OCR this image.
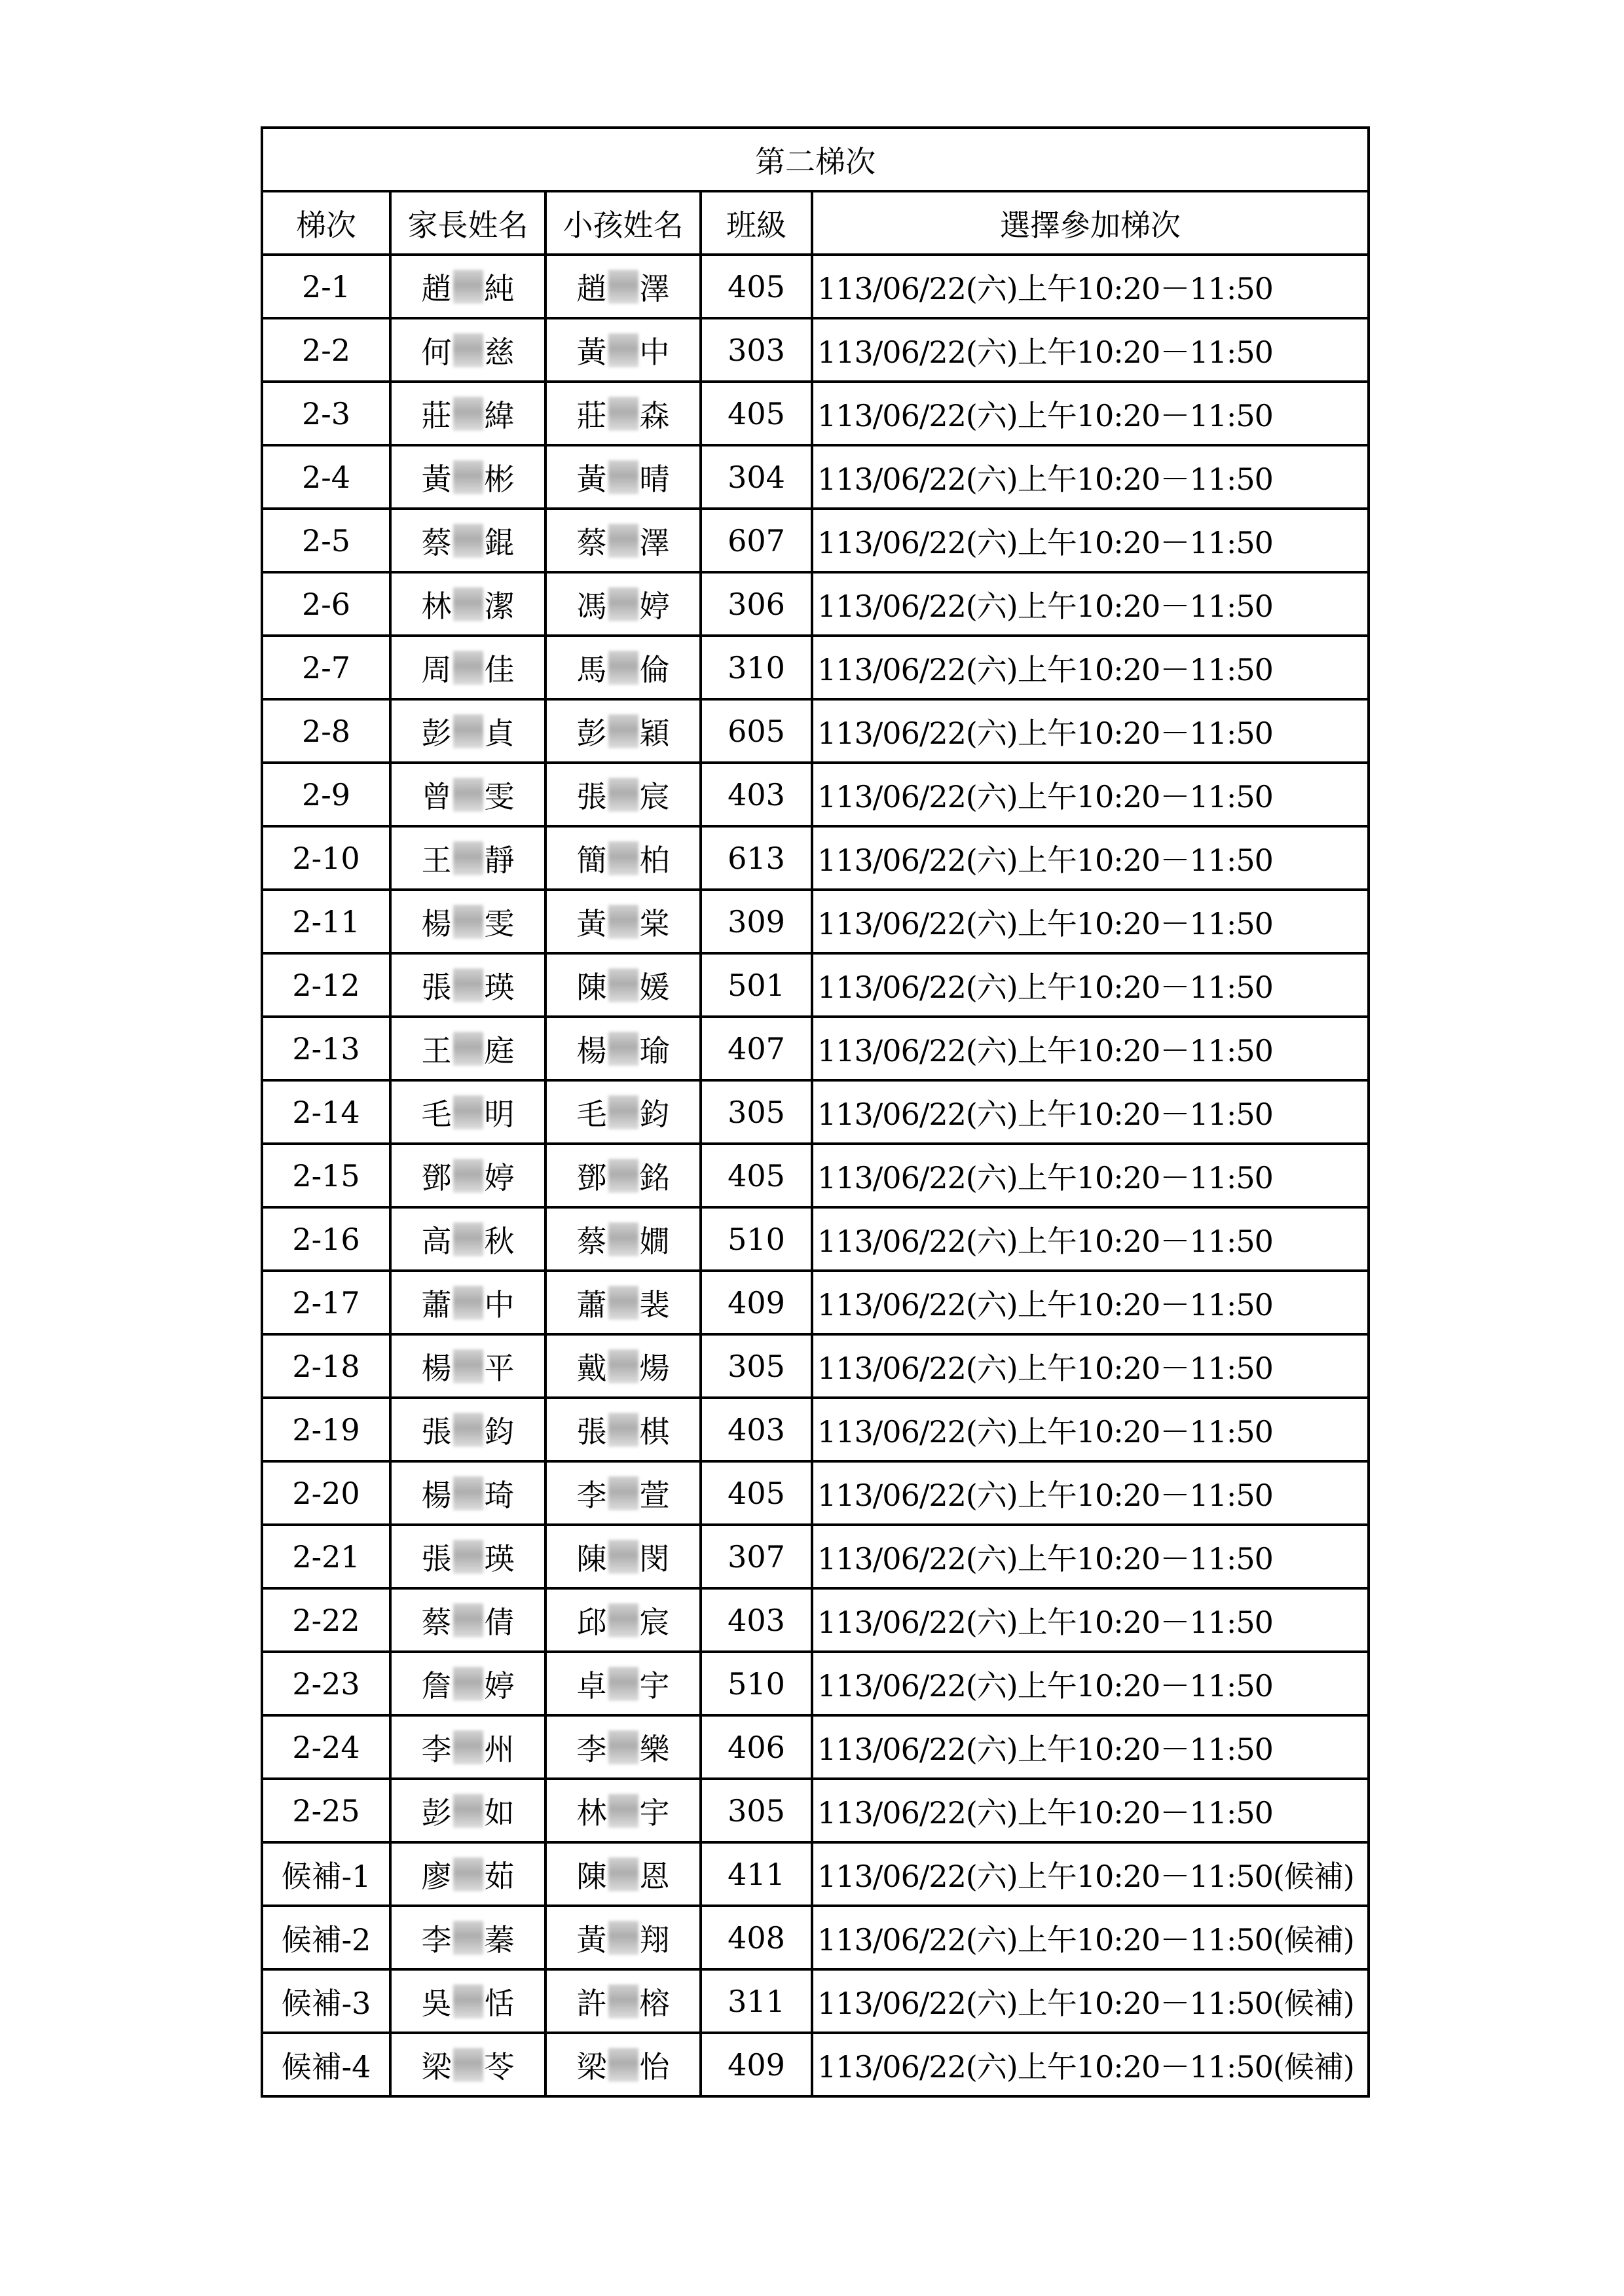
第二梯次				
梯次	家長姓名	小孩姓名	班級	選擇參加梯次
2-1	趙 純	趙 澤	405	113/06/22(六)上午10:20－11:50
2-2	何 慈	黃 中	303	113/06/22(六)上午10:20－11:50
2-3	莊 緯	莊 森	405	113/06/22(六)上午10:20－11:50
2-4	黃 彬	黃 晴	304	113/06/22(六)上午10:20－11:50
2-5	蔡 錕	蔡 澤	607	113/06/22(六)上午10:20－11:50
2-6	林 潔	馮 婷	306	113/06/22(六)上午10:20－11:50
2-7	周 佳	馬 倫	310	113/06/22(六)上午10:20－11:50
2-8	彭 貞	彭 穎	605	113/06/22(六)上午10:20－11:50
2-9	曾 雯	張 宸	403	113/06/22(六)上午10:20－11:50
2-10	王 靜	簡 柏	613	113/06/22(六)上午10:20－11:50
2-11	楊 雯	黃 棠	309	113/06/22(六)上午10:20－11:50
2-12	張 瑛	陳 媛	501	113/06/22(六)上午10:20－11:50
2-13	王 庭	楊 瑜	407	113/06/22(六)上午10:20－11:50
2-14	毛 明	毛 鈞	305	113/06/22(六)上午10:20－11:50
2-15	鄧 婷	鄧 銘	405	113/06/22(六)上午10:20－11:50
2-16	高 秋	蔡 嫺	510	113/06/22(六)上午10:20－11:50
2-17	蕭 中	蕭 裴	409	113/06/22(六)上午10:20－11:50
2-18	楊 平	戴 煬	305	113/06/22(六)上午10:20－11:50
2-19	張 鈞	張 棋	403	113/06/22(六)上午10:20－11:50
2-20	楊 琦	李 萱	405	113/06/22(六)上午10:20－11:50
2-21	張 瑛	陳 閔	307	113/06/22(六)上午10:20－11:50
2-22	蔡 倩	邱 宸	403	113/06/22(六)上午10:20－11:50
2-23	詹 婷	卓 宇	510	113/06/22(六)上午10:20－11:50
2-24	李 州	李 樂	406	113/06/22(六)上午10:20－11:50
2-25	彭 如	林 宇	305	113/06/22(六)上午10:20－11:50
候補-1	廖 茹	陳 恩	411	113/06/22(六)上午10:20－11:50(候補)
候補-2	李 蓁	黃 翔	408	113/06/22(六)上午10:20－11:50(候補)
候補-3	吳 恬	許 榕	311	113/06/22(六)上午10:20－11:50(候補)
候補-4	梁 苓	梁 怡	409	113/06/22(六)上午10:20－11:50(候補)
